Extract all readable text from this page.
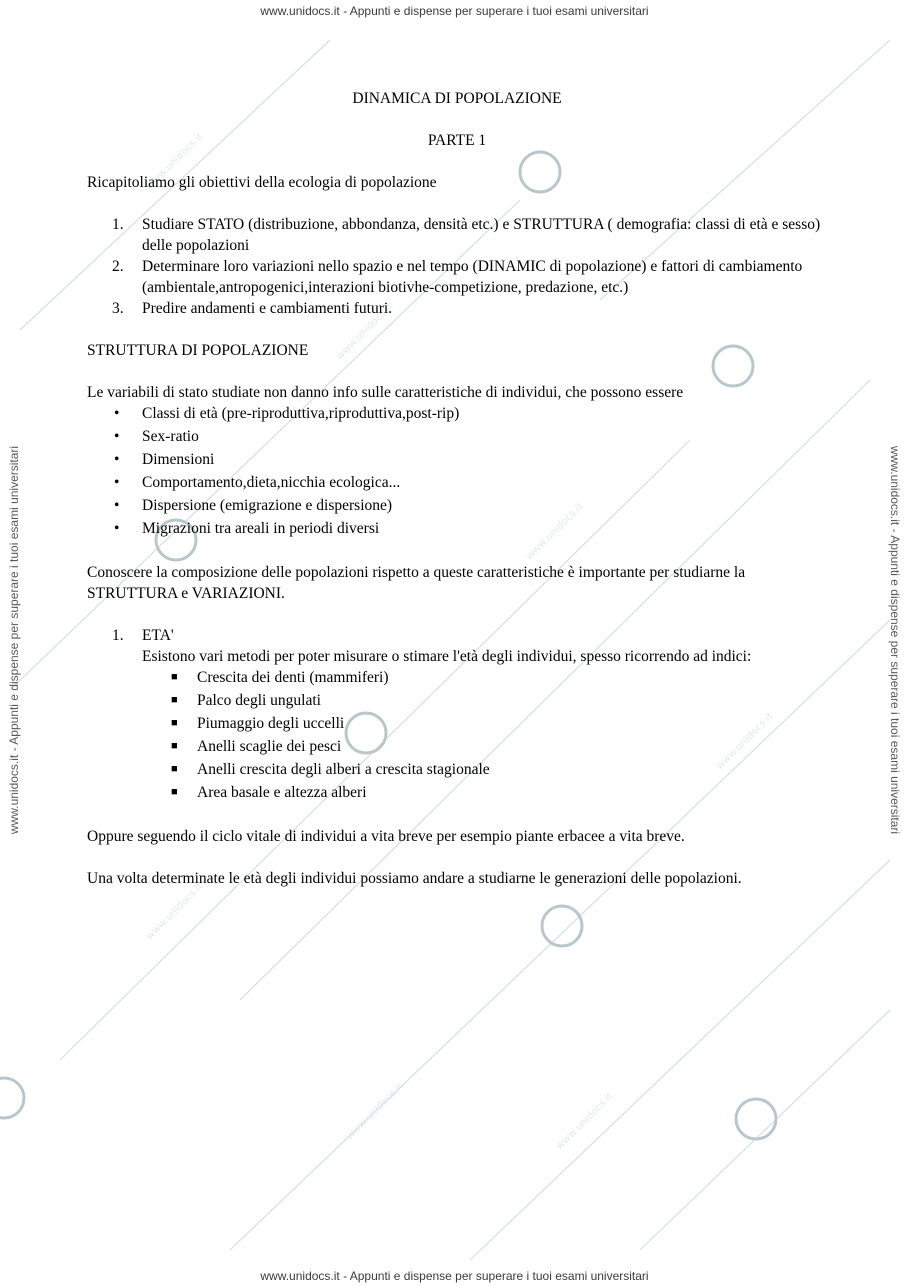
www.unidocs.it
www.unidocs.it
www.unidocs.it
www.unidocs.it
www.unidocs.it
www.unidocs.it	www.unidocs.it
www.unidocs.it - Appunti e dispense per superare i tuoi esami universitari
www.unidocs.it - Appunti e dispense per superare i tuoi esami universitari
www.unidocs.it - Appunti e dispense per superare i tuoi esami universitari	www.unidocs.it - Appunti e dispense per superare i tuoi esami universitari

DINAMICA DI POPOLAZIONE

PARTE 1

Ricapitoliamo gli obiettivi della ecologia di popolazione

1. Studiare STATO (distribuzione, abbondanza, densità etc.) e STRUTTURA ( demografia: classi di età e sesso) delle popolazioni
2. Determinare loro variazioni nello spazio e nel tempo (DINAMIC di popolazione) e fattori di cambiamento (ambientale,antropogenici,interazioni biotivhe-competizione, predazione, etc.)
3. Predire andamenti e cambiamenti futuri.

STRUTTURA DI POPOLAZIONE

Le variabili di stato studiate non danno info sulle caratteristiche di individui, che possono essere

• Classi di età (pre-riproduttiva,riproduttiva,post-rip)
• Sex-ratio
• Dimensioni
• Comportamento,dieta,nicchia ecologica...
• Dispersione (emigrazione e dispersione)
• Migrazioni tra areali in periodi diversi

Conoscere la composizione delle popolazioni rispetto a queste caratteristiche è importante per studiarne la STRUTTURA e VARIAZIONI.

1. ETA'
Esistono vari metodi per poter misurare o stimare l'età degli individui, spesso ricorrendo ad indici:
■ Crescita dei denti (mammiferi)
■ Palco degli ungulati
■ Piumaggio degli uccelli
■ Anelli scaglie dei pesci
■ Anelli crescita degli alberi a crescita stagionale
■ Area basale e altezza alberi

Oppure seguendo il ciclo vitale di individui a vita breve per esempio piante erbacee a vita breve.

Una volta determinate le età degli individui possiamo andare a studiarne le generazioni delle popolazioni.
